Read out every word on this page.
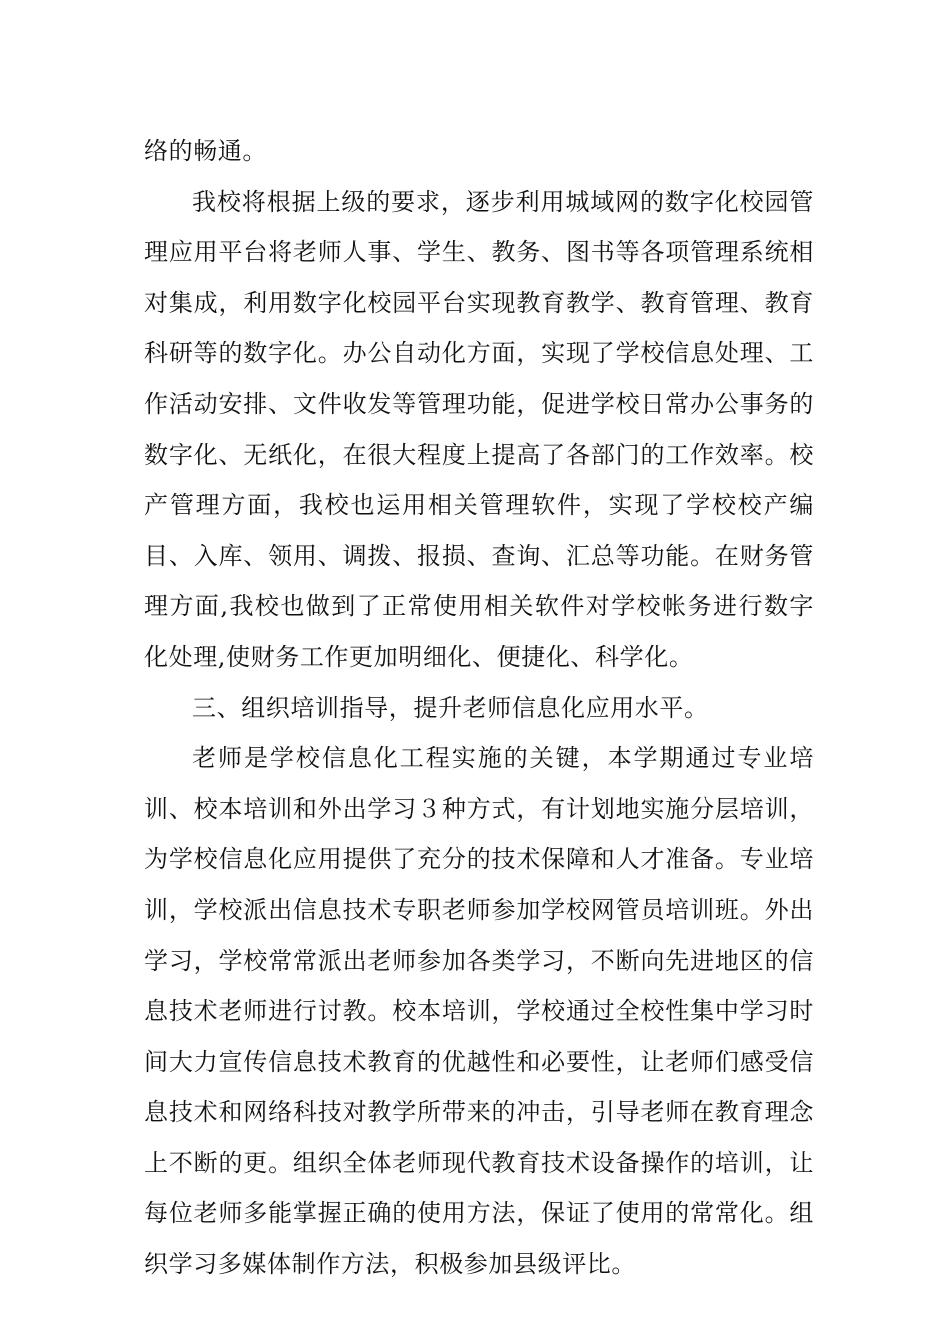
络的畅通。

我校将根据上级的要求，逐步利用城域网的数字化校园管理应用平台将老师人事、学生、教务、图书等各项管理系统相对集成，利用数字化校园平台实现教育教学、教育管理、教育科研等的数字化。办公自动化方面，实现了学校信息处理、工作活动安排、文件收发等管理功能，促进学校日常办公事务的数字化、无纸化，在很大程度上提高了各部门的工作效率。校产管理方面，我校也运用相关管理软件，实现了学校校产编目、入库、领用、调拨、报损、查询、汇总等功能。在财务管理方面,我校也做到了正常使用相关软件对学校帐务进行数字化处理,使财务工作更加明细化、便捷化、科学化。

三、组织培训指导，提升老师信息化应用水平。

老师是学校信息化工程实施的关键，本学期通过专业培训、校本培训和外出学习３种方式，有计划地实施分层培训，为学校信息化应用提供了充分的技术保障和人才准备。专业培训，学校派出信息技术专职老师参加学校网管员培训班。外出学习，学校常常派出老师参加各类学习，不断向先进地区的信息技术老师进行讨教。校本培训，学校通过全校性集中学习时间大力宣传信息技术教育的优越性和必要性，让老师们感受信息技术和网络科技对教学所带来的冲击，引导老师在教育理念上不断的更。组织全体老师现代教育技术设备操作的培训，让每位老师多能掌握正确的使用方法，保证了使用的常常化。组织学习多媒体制作方法，积极参加县级评比。
